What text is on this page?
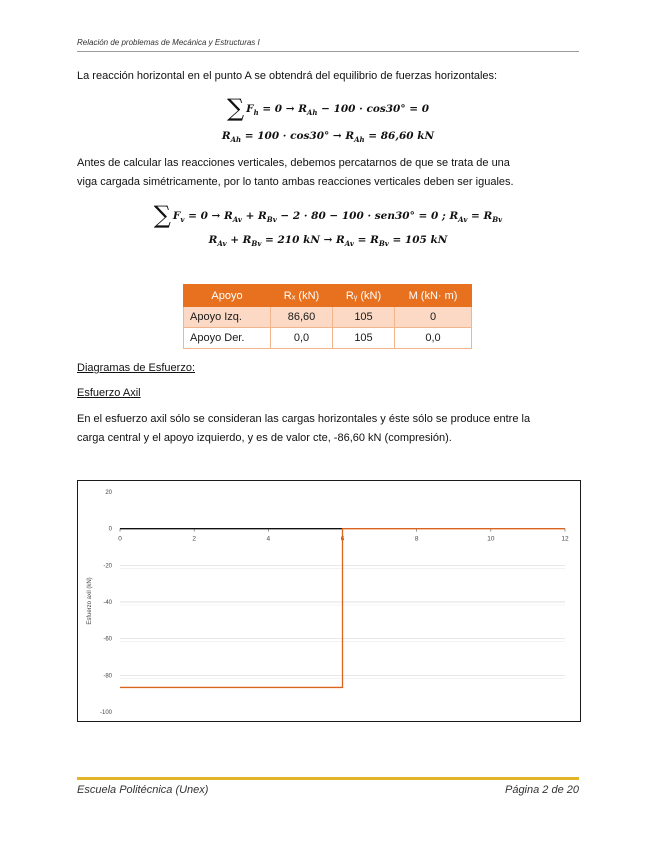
Relación de problemas de Mecánica y Estructuras I
La reacción horizontal en el punto A se obtendrá del equilibrio de fuerzas horizontales:
∑ $F_h = 0 \to R_{Ah} - 100 \cdot \cos 30^\circ = 0$
$R_{Ah} = 100 \cdot \cos 30^\circ \to R_{Ah} = 86,60$ kN
Antes de calcular las reacciones verticales, debemos percatarnos de que se trata de una
viga cargada simétricamente, por lo tanto ambas reacciones verticales deben ser iguales.
∑ $F_v = 0 \to R_{Av} + R_{Bv} - 2 \cdot 80 - 100 \cdot sen30^\circ = 0$ ; $R_{Av} = R_{Bv}$
$R_{Av} + R_{Bv} = 210$ kN → $R_{Av} = R_{Bv} = 105$ kN
Apoyo	Rₓ (kN)	Rᵧ (kN)	M (kN· m)
Apoyo Izq.	86,60	105	0
Apoyo Der.	0,0	105	0,0
Diagramas de Esfuerzo:
Esfuerzo Axil
En el esfuerzo axil sólo se consideran las cargas horizontales y éste sólo se produce entre la
carga central y el apoyo izquierdo, y es de valor cte, -86,60 kN (compresión).
20
0
-20
-40
-60
-80
-100
0	2	4	6	8	10	12
Esfuerzo axil (kN)
Escuela Politécnica (Unex)	Página 2 de 20
